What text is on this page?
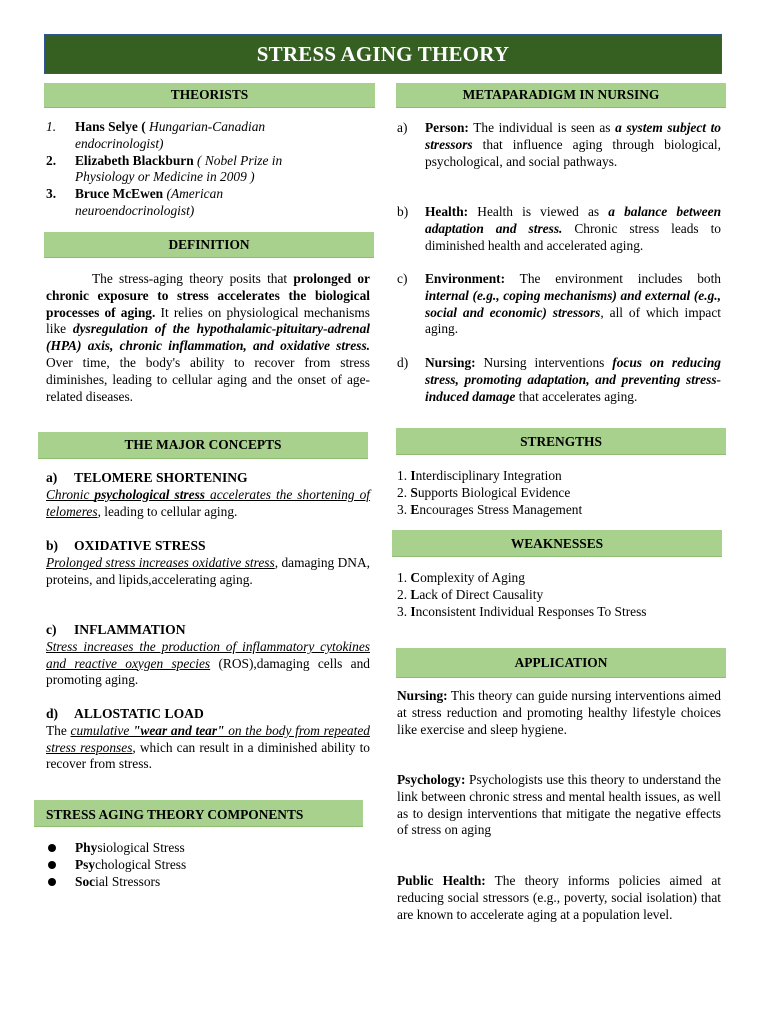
STRESS AGING THEORY
THEORISTS
1.	Hans Selye ( Hungarian-Canadian
endocrinologist)
2.	Elizabeth Blackburn ( Nobel Prize in
Physiology or Medicine in 2009 )
3.	Bruce McEwen (American
neuroendocrinologist)
DEFINITION
The stress-aging theory posits that prolonged or chronic exposure to stress accelerates the biological processes of aging. It relies on physiological mechanisms like dysregulation of the hypothalamic-pituitary-adrenal (HPA) axis, chronic inflammation, and oxidative stress. Over time, the body's ability to recover from stress diminishes, leading to cellular aging and the onset of age-related diseases.
THE MAJOR CONCEPTS
a)	TELOMERE SHORTENING
Chronic psychological stress accelerates the shortening of telomeres, leading to cellular aging.
b)	OXIDATIVE STRESS
Prolonged stress increases oxidative stress, damaging DNA, proteins, and lipids,accelerating aging.
c)	INFLAMMATION
Stress increases the production of inflammatory cytokines and reactive oxygen species (ROS),damaging cells and promoting aging.
d)	ALLOSTATIC LOAD
The cumulative "wear and tear" on the body from repeated stress responses, which can result in a diminished ability to recover from stress.
STRESS AGING THEORY COMPONENTS
Physiological Stress
Psychological Stress
Social Stressors
METAPARADIGM IN NURSING
a)	Person: The individual is seen as a system subject to stressors that influence aging through biological, psychological, and social pathways.
b)	Health: Health is viewed as a balance between adaptation and stress. Chronic stress leads to diminished health and accelerated aging.
c)	Environment: The environment includes both internal (e.g., coping mechanisms) and external (e.g., social and economic) stressors, all of which impact aging.
d)	Nursing: Nursing interventions focus on reducing stress, promoting adaptation, and preventing stress-induced damage that accelerates aging.
STRENGTHS
1. Interdisciplinary Integration
2. Supports Biological Evidence
3. Encourages Stress Management
WEAKNESSES
1. Complexity of Aging
2. Lack of Direct Causality
3. Inconsistent Individual Responses To Stress
APPLICATION
Nursing: This theory can guide nursing interventions aimed at stress reduction and promoting healthy lifestyle choices like exercise and sleep hygiene.
Psychology: Psychologists use this theory to understand the link between chronic stress and mental health issues, as well as to design interventions that mitigate the negative effects of stress on aging
Public Health: The theory informs policies aimed at reducing social stressors (e.g., poverty, social isolation) that are known to accelerate aging at a population level.
